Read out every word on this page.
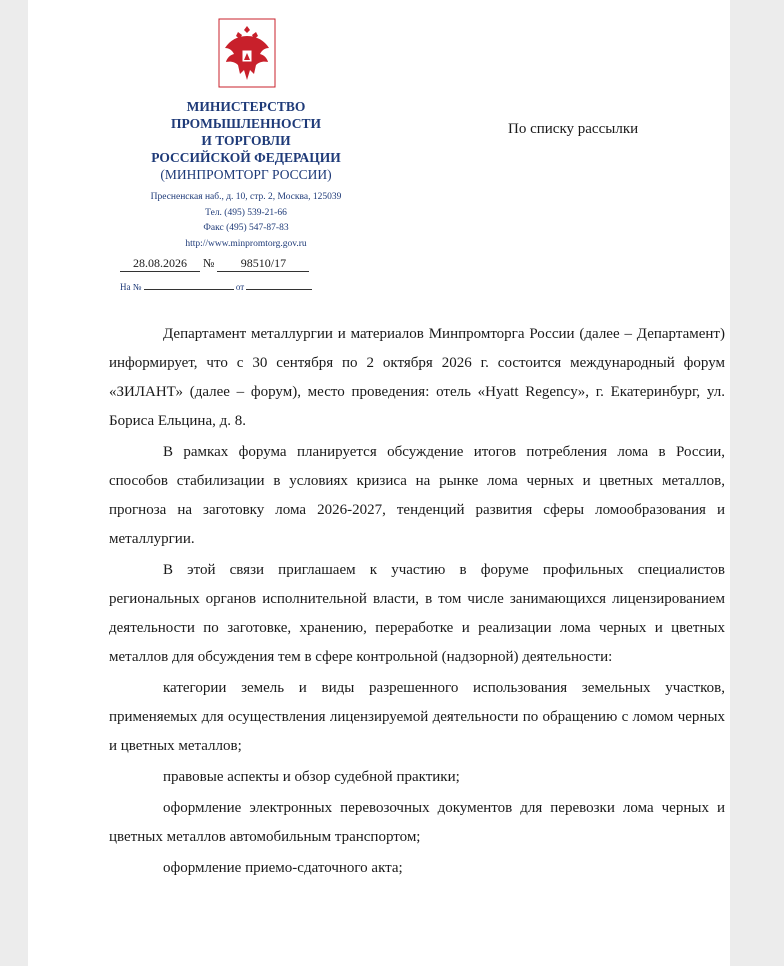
МИНИСТЕРСТВО
ПРОМЫШЛЕННОСТИ
И ТОРГОВЛИ
РОССИЙСКОЙ ФЕДЕРАЦИИ
(МИНПРОМТОРГ РОССИИ)
Пресненская наб., д. 10, стр. 2, Москва, 125039
Тел. (495) 539-21-66
Факс (495) 547-87-83
http://www.minpromtorg.gov.ru
28.08.2026 № 98510/17
На №	от
По списку рассылки

Департамент металлургии и материалов Минпромторга России (далее – Департамент) информирует, что с 30 сентября по 2 октября 2026 г. состоится международный форум «ЗИЛАНТ» (далее – форум), место проведения: отель «Hyatt Regency», г. Екатеринбург, ул. Бориса Ельцина, д. 8.

В рамках форума планируется обсуждение итогов потребления лома в России, способов стабилизации в условиях кризиса на рынке лома черных и цветных металлов, прогноза на заготовку лома 2026-2027, тенденций развития сферы ломообразования и металлургии.

В этой связи приглашаем к участию в форуме профильных специалистов региональных органов исполнительной власти, в том числе занимающихся лицензированием деятельности по заготовке, хранению, переработке и реализации лома черных и цветных металлов для обсуждения тем в сфере контрольной (надзорной) деятельности:

категории земель и виды разрешенного использования земельных участков, применяемых для осуществления лицензируемой деятельности по обращению с ломом черных и цветных металлов;

правовые аспекты и обзор судебной практики;

оформление электронных перевозочных документов для перевозки лома черных и цветных металлов автомобильным транспортом;

оформление приемо-сдаточного акта;
